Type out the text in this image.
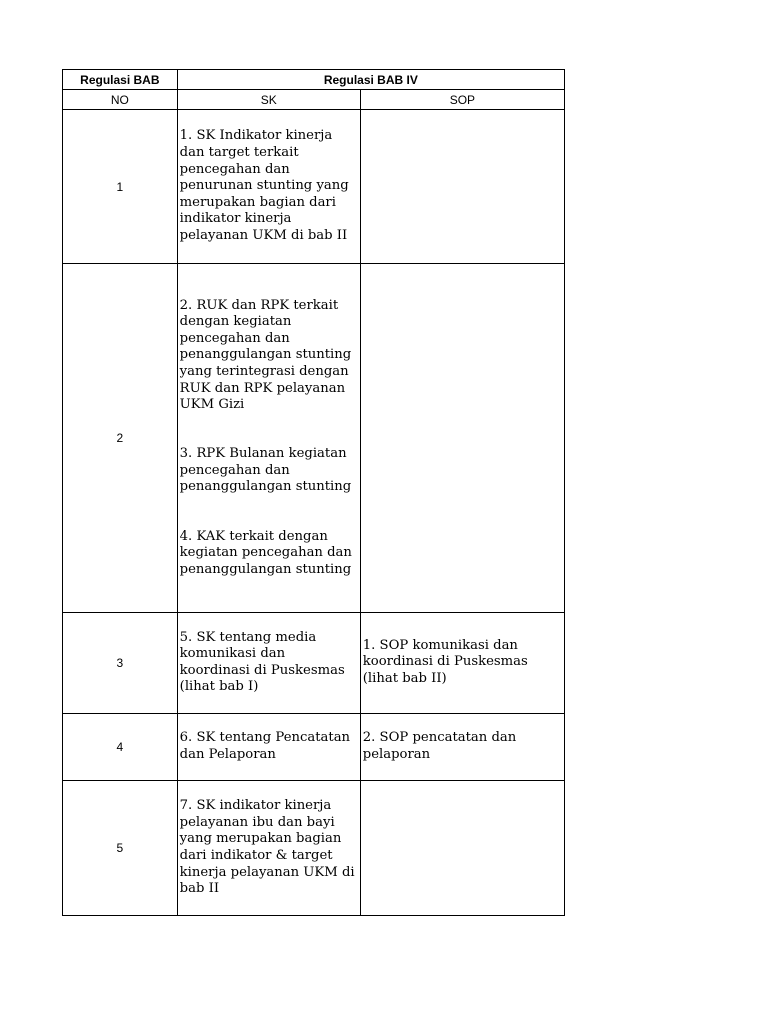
Regulasi BAB	Regulasi BAB IV	
NO	SK	SOP
1	1. SK Indikator kinerja dan target terkait pencegahan dan penurunan stunting yang merupakan bagian dari indikator kinerja pelayanan UKM di bab II	

2	2. RUK dan RPK terkait dengan kegiatan pencegahan dan penanggulangan stunting yang terintegrasi dengan RUK dan RPK pelayanan UKM Gizi

3. RPK Bulanan kegiatan pencegahan dan penanggulangan stunting

4. KAK terkait dengan kegiatan pencegahan dan penanggulangan stunting	

3	5. SK tentang media komunikasi dan koordinasi di Puskesmas (lihat bab I)	1. SOP komunikasi dan koordinasi di Puskesmas (lihat bab II)

4	6. SK tentang Pencatatan dan Pelaporan	2. SOP pencatatan dan pelaporan

5	7. SK indikator kinerja pelayanan ibu dan bayi yang merupakan bagian dari indikator & target kinerja pelayanan UKM di bab II	
